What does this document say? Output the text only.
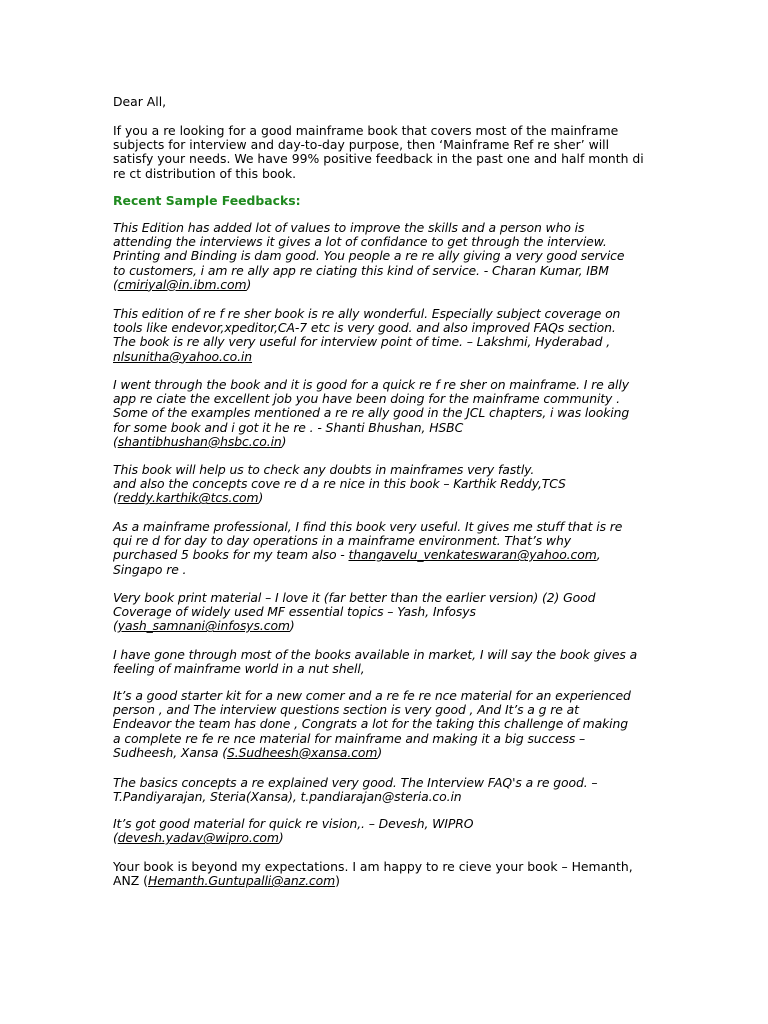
Dear All,
If you a re looking for a good mainframe book that covers most of the mainframe
subjects for interview and day-to-day purpose, then ‘Mainframe Ref re sher’ will
satisfy your needs. We have 99% positive feedback in the past one and half month di
re ct distribution of this book.
Recent Sample Feedbacks:
This Edition has added lot of values to improve the skills and a person who is
attending the interviews it gives a lot of confidance to get through the interview.
Printing and Binding is dam good. You people a re re ally giving a very good service
to customers, i am re ally app re ciating this kind of service. - Charan Kumar, IBM
(cmiriyal@in.ibm.com)
This edition of re f re sher book is re ally wonderful. Especially subject coverage on
tools like endevor,xpeditor,CA-7 etc is very good. and also improved FAQs section.
The book is re ally very useful for interview point of time. – Lakshmi, Hyderabad ,
nlsunitha@yahoo.co.in
I went through the book and it is good for a quick re f re sher on mainframe. I re ally
app re ciate the excellent job you have been doing for the mainframe community .
Some of the examples mentioned a re re ally good in the JCL chapters, i was looking
for some book and i got it he re . - Shanti Bhushan, HSBC
(shantibhushan@hsbc.co.in)
This book will help us to check any doubts in mainframes very fastly.
and also the concepts cove re d a re nice in this book – Karthik Reddy,TCS
(reddy.karthik@tcs.com)
As a mainframe professional, I find this book very useful. It gives me stuff that is re
qui re d for day to day operations in a mainframe environment. That’s why
purchased 5 books for my team also - thangavelu_venkateswaran@yahoo.com,
Singapo re .
Very book print material – I love it (far better than the earlier version) (2) Good
Coverage of widely used MF essential topics – Yash, Infosys
(yash_samnani@infosys.com)
I have gone through most of the books available in market, I will say the book gives a
feeling of mainframe world in a nut shell,
It’s a good starter kit for a new comer and a re fe re nce material for an experienced
person , and The interview questions section is very good , And It’s a g re at
Endeavor the team has done , Congrats a lot for the taking this challenge of making
a complete re fe re nce material for mainframe and making it a big success –
Sudheesh, Xansa (S.Sudheesh@xansa.com)
The basics concepts a re explained very good. The Interview FAQ's a re good. –
T.Pandiyarajan, Steria(Xansa), t.pandiarajan@steria.co.in
It’s got good material for quick re vision,. – Devesh, WIPRO
(devesh.yadav@wipro.com)
Your book is beyond my expectations. I am happy to re cieve your book – Hemanth,
ANZ (Hemanth.Guntupalli@anz.com)
